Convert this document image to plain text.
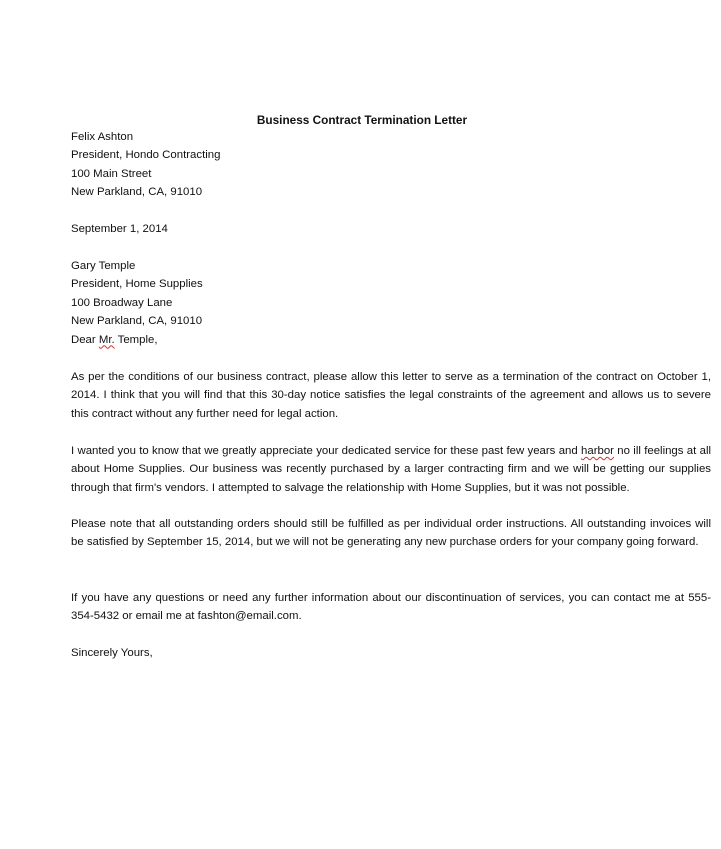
Business Contract Termination Letter
Felix Ashton
President, Hondo Contracting
100 Main Street
New Parkland, CA, 91010
September 1, 2014
Gary Temple
President, Home Supplies
100 Broadway Lane
New Parkland, CA, 91010
Dear Mr. Temple,
As per the conditions of our business contract, please allow this letter to serve as a termination of the contract on October 1, 2014. I think that you will find that this 30-day notice satisfies the legal constraints of the agreement and allows us to severe this contract without any further need for legal action.
I wanted you to know that we greatly appreciate your dedicated service for these past few years and harbor no ill feelings at all about Home Supplies. Our business was recently purchased by a larger contracting firm and we will be getting our supplies through that firm's vendors. I attempted to salvage the relationship with Home Supplies, but it was not possible.
Please note that all outstanding orders should still be fulfilled as per individual order instructions. All outstanding invoices will be satisfied by September 15, 2014, but we will not be generating any new purchase orders for your company going forward.
If you have any questions or need any further information about our discontinuation of services, you can contact me at 555-354-5432 or email me at fashton@email.com.
Sincerely Yours,
